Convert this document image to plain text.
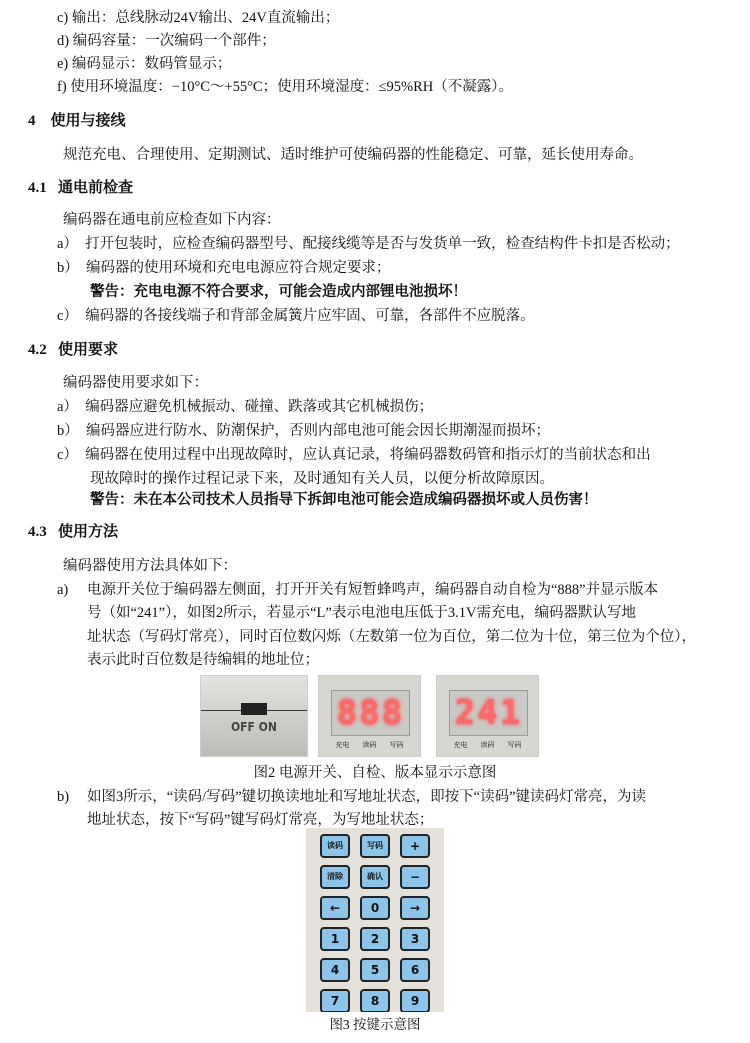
c) 输出：总线脉动24V输出、24V直流输出；
d) 编码容量：一次编码一个部件；
e) 编码显示：数码管显示；
f) 使用环境温度：−10°C～+55°C；使用环境湿度：≤95%RH（不凝露）。
4 使用与接线
规范充电、合理使用、定期测试、适时维护可使编码器的性能稳定、可靠，延长使用寿命。
4.1 通电前检查
编码器在通电前应检查如下内容：
a） 打开包装时，应检查编码器型号、配接线缆等是否与发货单一致，检查结构件卡扣是否松动；
b） 编码器的使用环境和充电电源应符合规定要求；
警告：充电电源不符合要求，可能会造成内部锂电池损坏！
c） 编码器的各接线端子和背部金属簧片应牢固、可靠，各部件不应脱落。
4.2 使用要求
编码器使用要求如下：
a） 编码器应避免机械振动、碰撞、跌落或其它机械损伤；
b） 编码器应进行防水、防潮保护，否则内部电池可能会因长期潮湿而损坏；
c） 编码器在使用过程中出现故障时，应认真记录，将编码器数码管和指示灯的当前状态和出
现故障时的操作过程记录下来，及时通知有关人员，以便分析故障原因。
警告：未在本公司技术人员指导下拆卸电池可能会造成编码器损坏或人员伤害！
4.3 使用方法
编码器使用方法具体如下：
a) 电源开关位于编码器左侧面，打开开关有短暂蜂鸣声，编码器自动自检为“888”并显示版本
号（如“241”），如图2所示，若显示“L”表示电池电压低于3.1V需充电，编码器默认写地
址状态（写码灯常亮），同时百位数闪烁（左数第一位为百位，第二位为十位，第三位为个位），
表示此时百位数是待编辑的地址位；
OFF ON 888
充电 读码 写码
241
充电 读码 写码
图2 电源开关、自检、版本显示示意图
b) 如图3所示，“读码/写码”键切换读地址和写地址状态，即按下“读码”键读码灯常亮，为读
地址状态，按下“写码”键写码灯常亮，为写地址状态；
读码	写码	+
清除	确认	−
←	0	→
1	2	3
4	5	6
7	8	9
图3 按键示意图
